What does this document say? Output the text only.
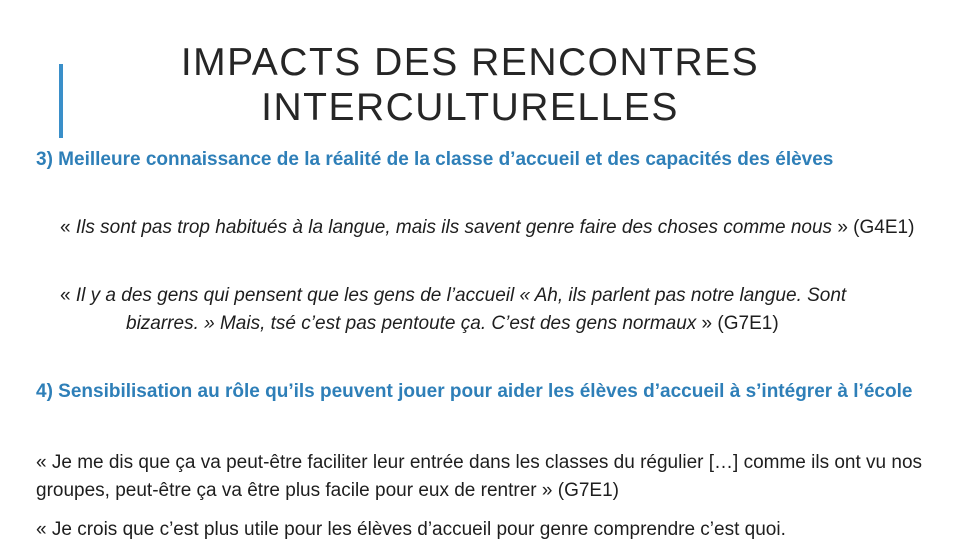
IMPACTS DES RENCONTRES
INTERCULTURELLES

3) Meilleure connaissance de la réalité de la classe d’accueil et des capacités des élèves

« Ils sont pas trop habitués à la langue, mais ils savent genre faire des choses comme nous » (G4E1)

« Il y a des gens qui pensent que les gens de l’accueil « Ah, ils parlent pas notre langue. Sontbizarres. » Mais, tsé c’est pas pentoute ça. C’est des gens normaux » (G7E1)

4) Sensibilisation au rôle qu’ils peuvent jouer pour aider les élèves d’accueil à s’intégrer à l’école

« Je me dis que ça va peut-être faciliter leur entrée dans les classes du régulier […] comme ils ont vu nos groupes, peut-être ça va être plus facile pour eux de rentrer » (G7E1)

« Je crois que c’est plus utile pour les élèves d’accueil pour genre comprendre c’est quoi.
